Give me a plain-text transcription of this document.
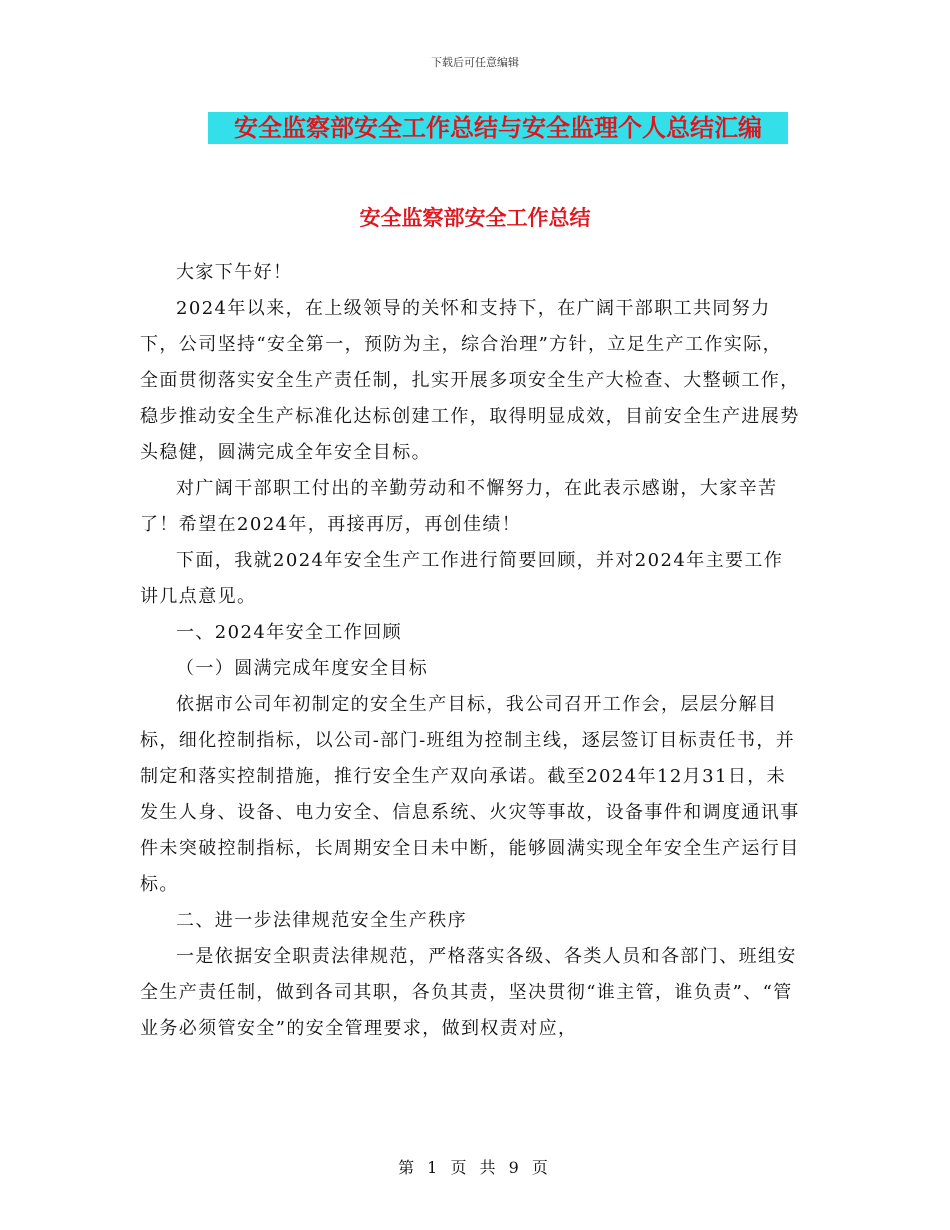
下载后可任意编辑
安全监察部安全工作总结与安全监理个人总结汇编
安全监察部安全工作总结

大家下午好！

2024年以来，在上级领导的关怀和支持下，在广阔干部职工共同努力下，公司坚持“安全第一，预防为主，综合治理”方针，立足生产工作实际，全面贯彻落实安全生产责任制，扎实开展多项安全生产大检查、大整顿工作，稳步推动安全生产标准化达标创建工作，取得明显成效，目前安全生产进展势头稳健，圆满完成全年安全目标。

对广阔干部职工付出的辛勤劳动和不懈努力，在此表示感谢，大家辛苦了！希望在2024年，再接再厉，再创佳绩！

下面，我就2024年安全生产工作进行简要回顾，并对2024年主要工作讲几点意见。

一、2024年安全工作回顾

（一）圆满完成年度安全目标

依据市公司年初制定的安全生产目标，我公司召开工作会，层层分解目标，细化控制指标，以公司-部门-班组为控制主线，逐层签订目标责任书，并制定和落实控制措施，推行安全生产双向承诺。截至2024年12月31日，未发生人身、设备、电力安全、信息系统、火灾等事故，设备事件和调度通讯事件未突破控制指标，长周期安全日未中断，能够圆满实现全年安全生产运行目标。

二、进一步法律规范安全生产秩序

一是依据安全职责法律规范，严格落实各级、各类人员和各部门、班组安全生产责任制，做到各司其职，各负其责，坚决贯彻“谁主管，谁负责”、“管业务必须管安全”的安全管理要求，做到权责对应，

第 1 页 共 9 页
